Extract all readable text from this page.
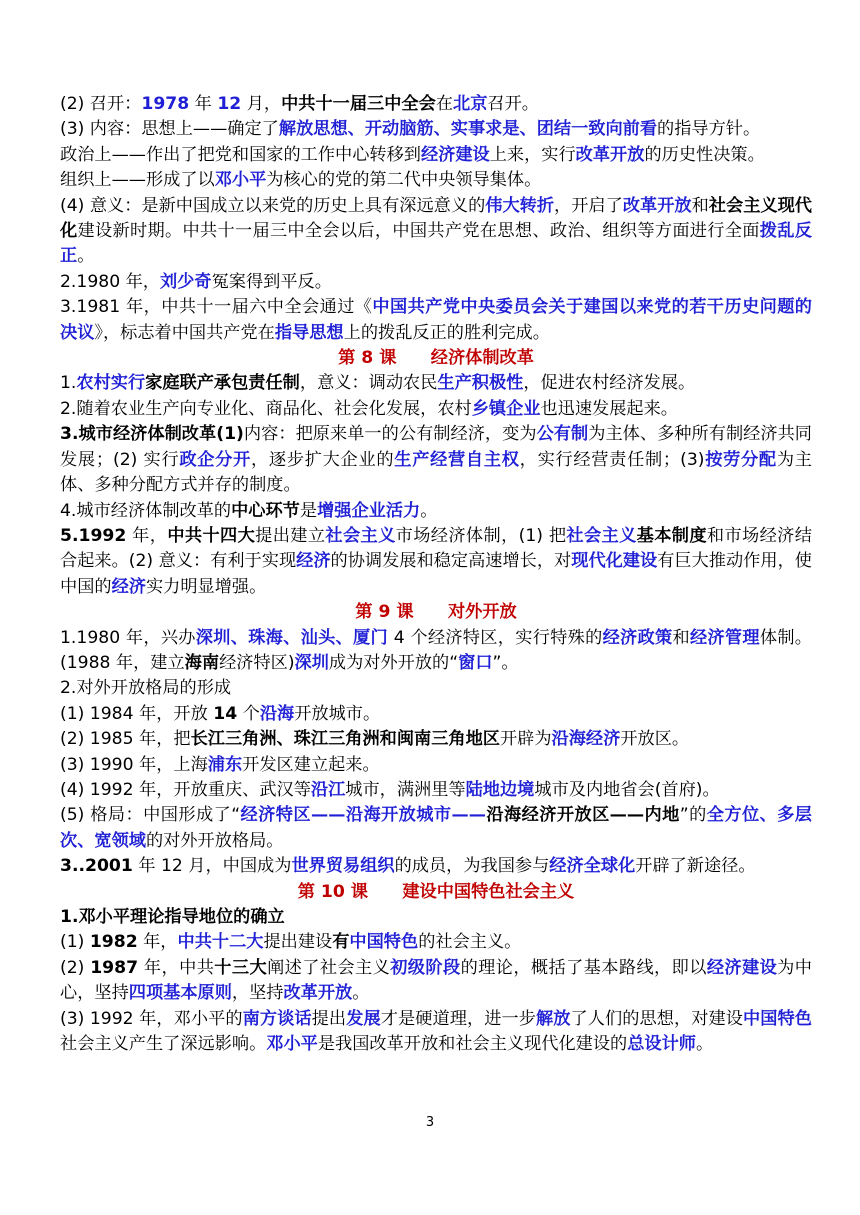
(2) 召开：1978 年 12 月，中共十一届三中全会在北京召开。

(3) 内容：思想上——确定了解放思想、开动脑筋、实事求是、团结一致向前看的指导方针。

政治上——作出了把党和国家的工作中心转移到经济建设上来，实行改革开放的历史性决策。

组织上——形成了以邓小平为核心的党的第二代中央领导集体。

(4) 意义：是新中国成立以来党的历史上具有深远意义的伟大转折，开启了改革开放和社会主义现代化建设新时期。中共十一届三中全会以后，中国共产党在思想、政治、组织等方面进行全面拨乱反正。

2.1980 年，刘少奇冤案得到平反。

3.1981 年，中共十一届六中全会通过《中国共产党中央委员会关于建国以来党的若干历史问题的决议》，标志着中国共产党在指导思想上的拨乱反正的胜利完成。

第 8 课　　经济体制改革

1.农村实行家庭联产承包责任制，意义：调动农民生产积极性，促进农村经济发展。

2.随着农业生产向专业化、商品化、社会化发展，农村乡镇企业也迅速发展起来。

3.城市经济体制改革(1)内容：把原来单一的公有制经济，变为公有制为主体、多种所有制经济共同发展；(2) 实行政企分开，逐步扩大企业的生产经营自主权，实行经营责任制；(3)按劳分配为主体、多种分配方式并存的制度。

4.城市经济体制改革的中心环节是增强企业活力。

5.1992 年，中共十四大提出建立社会主义市场经济体制，(1) 把社会主义基本制度和市场经济结合起来。(2) 意义：有利于实现经济的协调发展和稳定高速增长，对现代化建设有巨大推动作用，使中国的经济实力明显增强。

第 9 课　　对外开放

1.1980 年，兴办深圳、珠海、汕头、厦门 4 个经济特区，实行特殊的经济政策和经济管理体制。(1988 年，建立海南经济特区)深圳成为对外开放的“窗口”。

2.对外开放格局的形成

(1) 1984 年，开放 14 个沿海开放城市。

(2) 1985 年，把长江三角洲、珠江三角洲和闽南三角地区开辟为沿海经济开放区。

(3) 1990 年，上海浦东开发区建立起来。

(4) 1992 年，开放重庆、武汉等沿江城市，满洲里等陆地边境城市及内地省会(首府)。

(5) 格局：中国形成了“经济特区——沿海开放城市——沿海经济开放区——内地”的全方位、多层次、宽领域的对外开放格局。

3..2001 年 12 月，中国成为世界贸易组织的成员，为我国参与经济全球化开辟了新途径。

第 10 课　　建设中国特色社会主义

1.邓小平理论指导地位的确立

(1) 1982 年，中共十二大提出建设有中国特色的社会主义。

(2) 1987 年，中共十三大阐述了社会主义初级阶段的理论，概括了基本路线，即以经济建设为中心，坚持四项基本原则，坚持改革开放。

(3) 1992 年，邓小平的南方谈话提出发展才是硬道理，进一步解放了人们的思想，对建设中国特色社会主义产生了深远影响。邓小平是我国改革开放和社会主义现代化建设的总设计师。

3
